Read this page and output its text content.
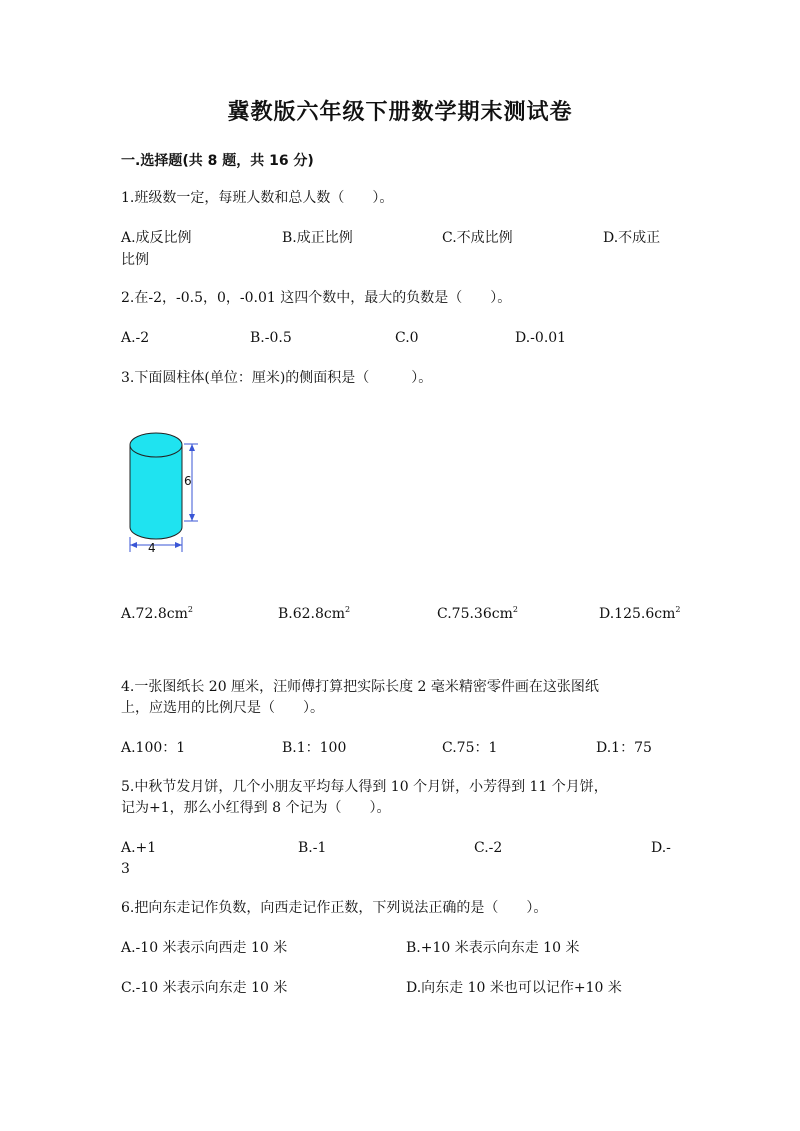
冀教版六年级下册数学期末测试卷
一.选择题(共 8 题，共 16 分)
1.班级数一定，每班人数和总人数（　　）。
A.成反比例	B.成正比例	C.不成比例	D.不成正
比例
2.在-2，-0.5，0，-0.01 这四个数中，最大的负数是（　　）。
A.-2	B.-0.5	C.0	D.-0.01
3.下面圆柱体(单位：厘米)的侧面积是（　　　）。
6
4
$A.72.8cm^2$	$B.62.8cm^2$	$C.75.36cm^2$	$D.125.6cm^2$
4.一张图纸长 20 厘米，汪师傅打算把实际长度 2 毫米精密零件画在这张图纸
上，应选用的比例尺是（　　）。
A.100：1	B.1：100	C.75：1	D.1：75
5.中秋节发月饼，几个小朋友平均每人得到 10 个月饼，小芳得到 11 个月饼，
记为+1，那么小红得到 8 个记为（　　）。
A.+1	B.-1	C.-2	D.-
3
6.把向东走记作负数，向西走记作正数，下列说法正确的是（　　）。
A.-10 米表示向西走 10 米	B.+10 米表示向东走 10 米
C.-10 米表示向东走 10 米	D.向东走 10 米也可以记作+10 米
